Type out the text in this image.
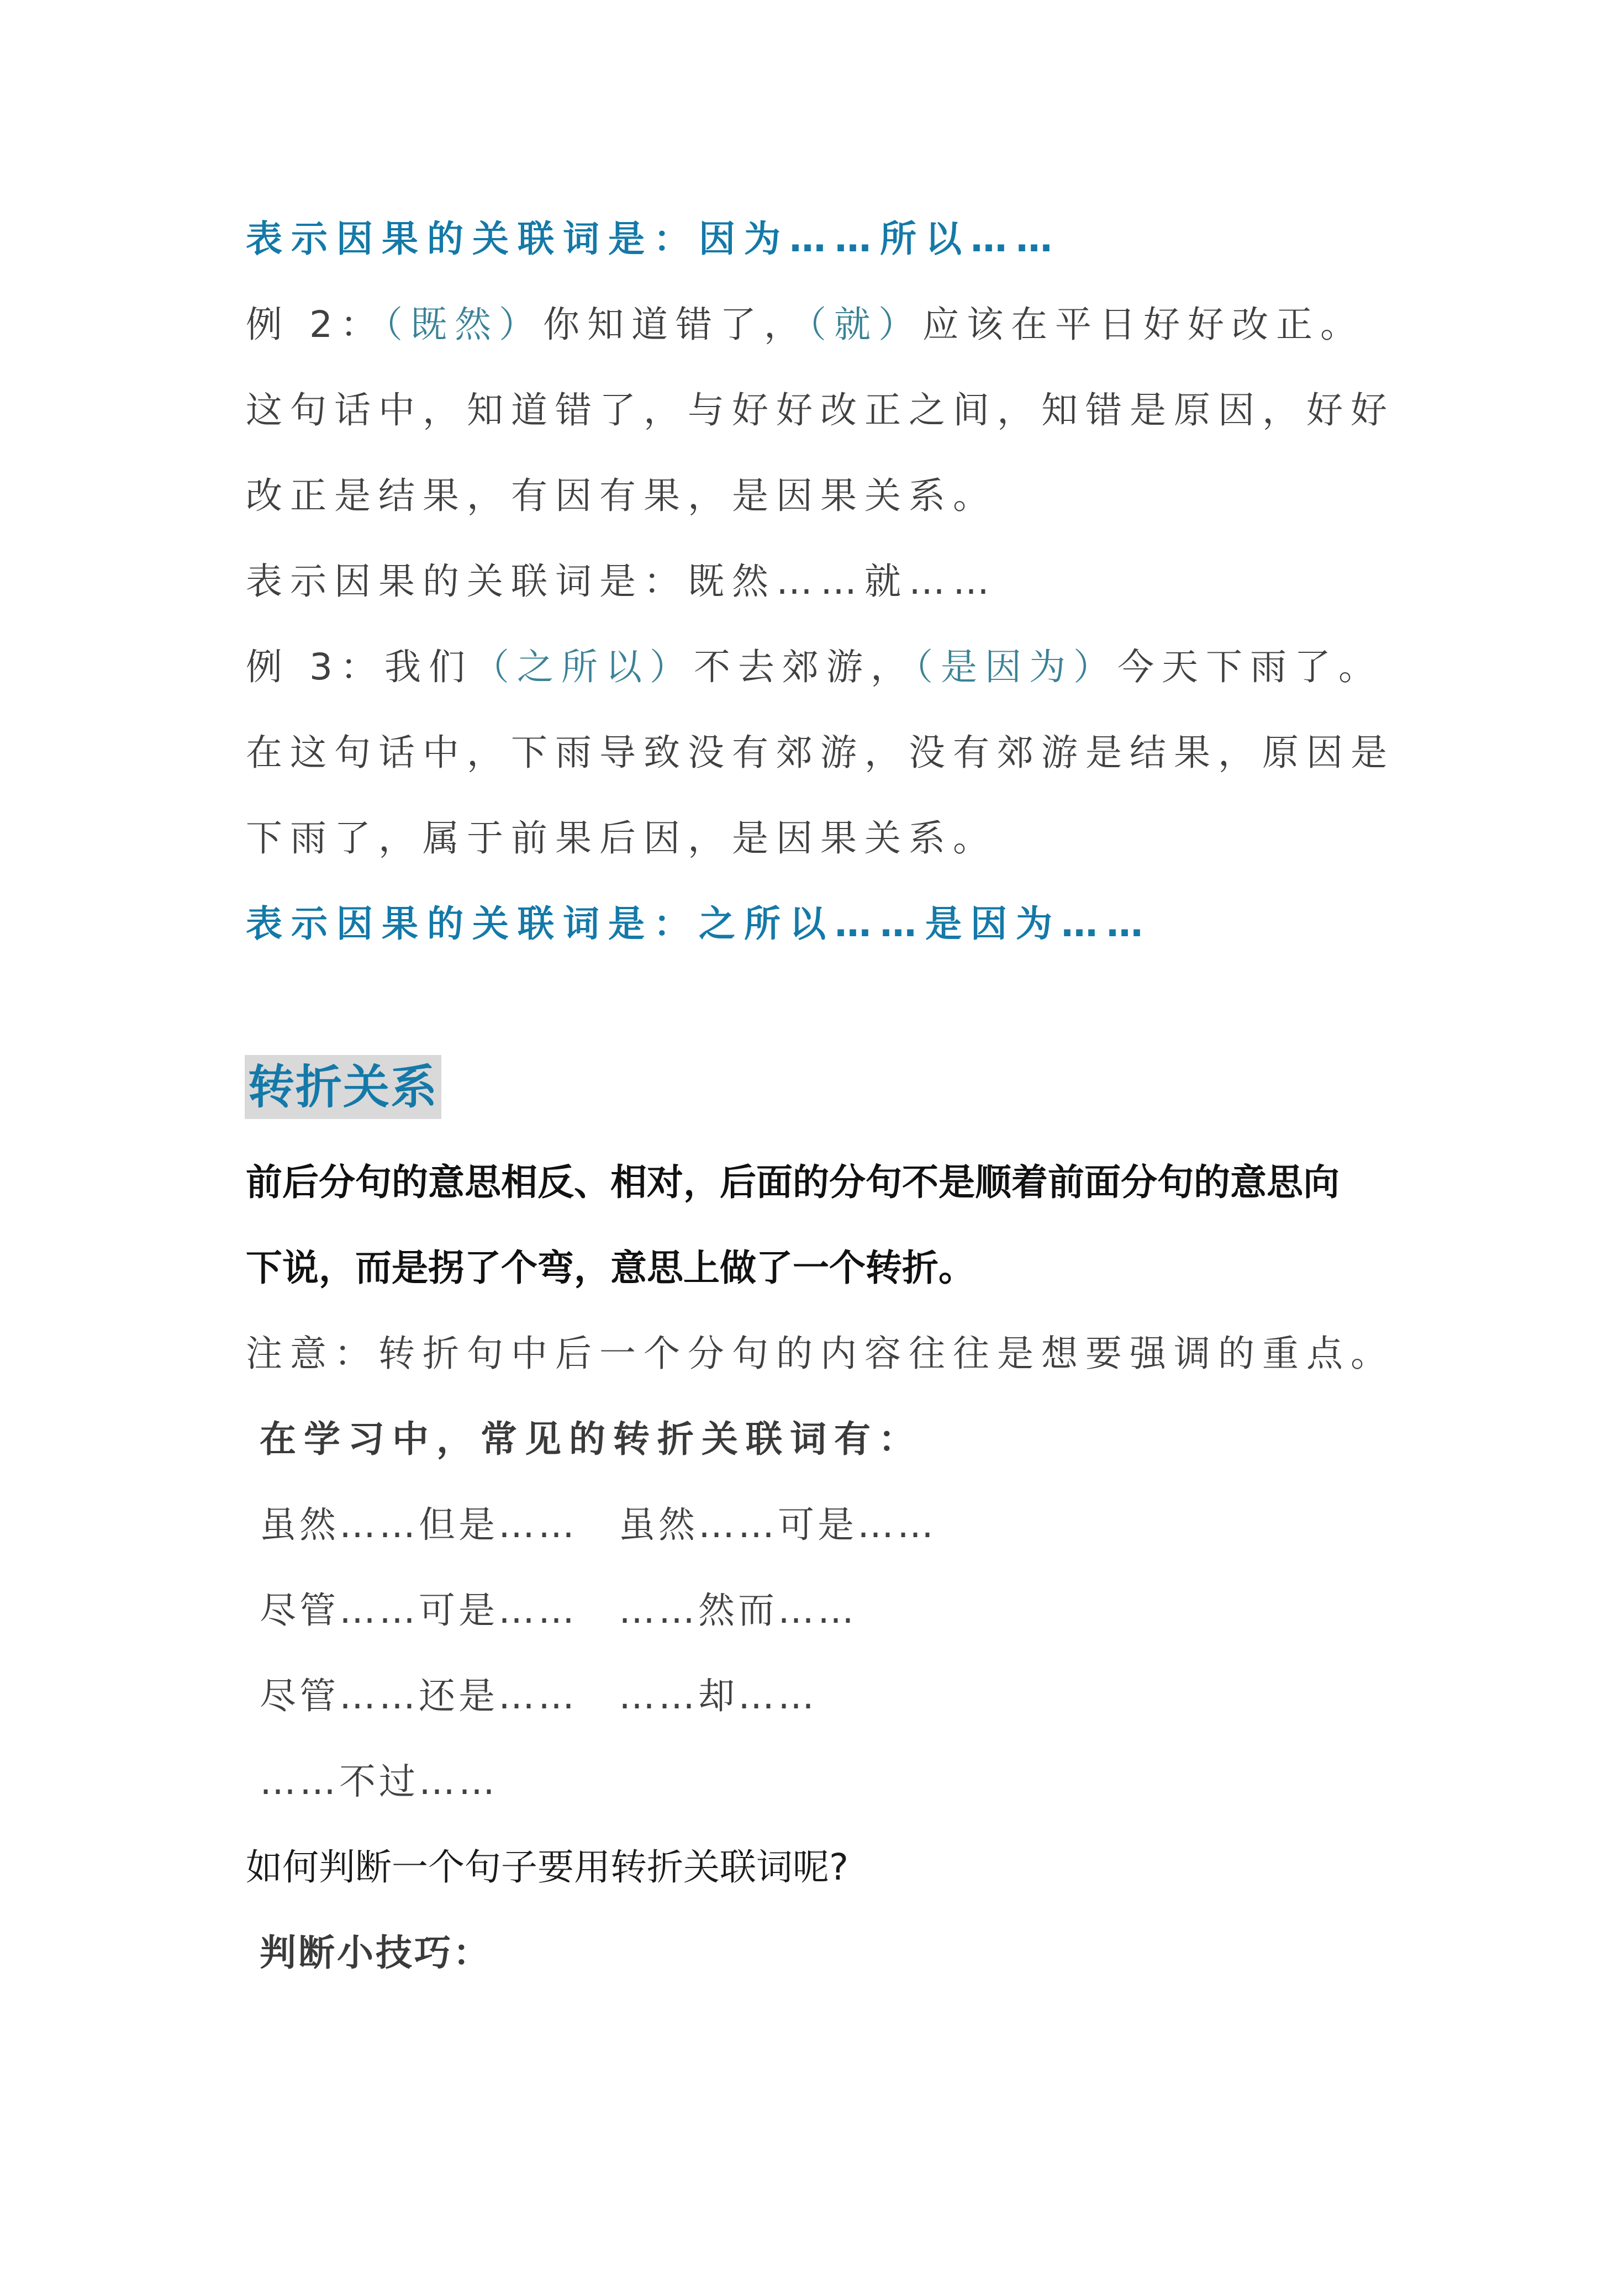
表示因果的关联词是：因为……所以……
例 2：（既然）你知道错了，（就）应该在平日好好改正。
这句话中，知道错了，与好好改正之间，知错是原因，好好
改正是结果，有因有果，是因果关系。
表示因果的关联词是：既然……就……
例 3：我们（之所以）不去郊游，（是因为）今天下雨了。
在这句话中，下雨导致没有郊游，没有郊游是结果，原因是
下雨了，属于前果后因，是因果关系。
表示因果的关联词是：之所以……是因为……
转折关系
前后分句的意思相反、相对，后面的分句不是顺着前面分句的意思向
下说，而是拐了个弯，意思上做了一个转折。
注意：转折句中后一个分句的内容往往是想要强调的重点。
在学习中，常见的转折关联词有：
虽然……但是…… 虽然……可是……
尽管……可是…… ……然而……
尽管……还是…… ……却……
……不过……
如何判断一个句子要用转折关联词呢?
判断小技巧：
